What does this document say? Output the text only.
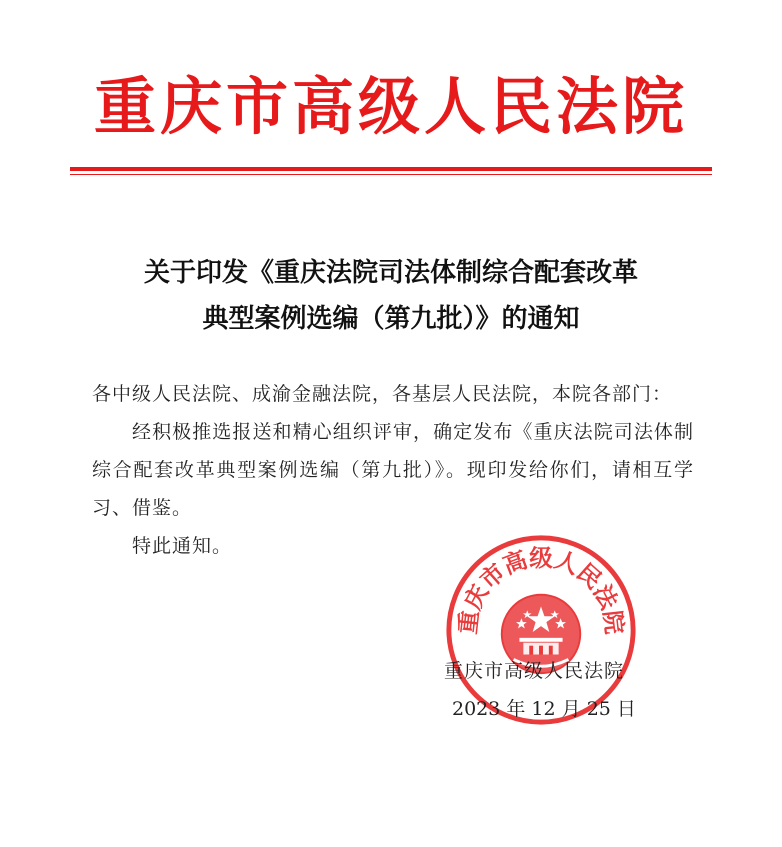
重庆市高级人民法院
关于印发《重庆法院司法体制综合配套改革
典型案例选编（第九批）》的通知

各中级人民法院、成渝金融法院，各基层人民法院，本院各部门：

经积极推选报送和精心组织评审，确定发布《重庆法院司法体制综合配套改革典型案例选编（第九批）》。现印发给你们，请相互学习、借鉴。

特此通知。

重庆市高级人民法院
重庆市高级人民法院
2023 年 12 月 25 日
